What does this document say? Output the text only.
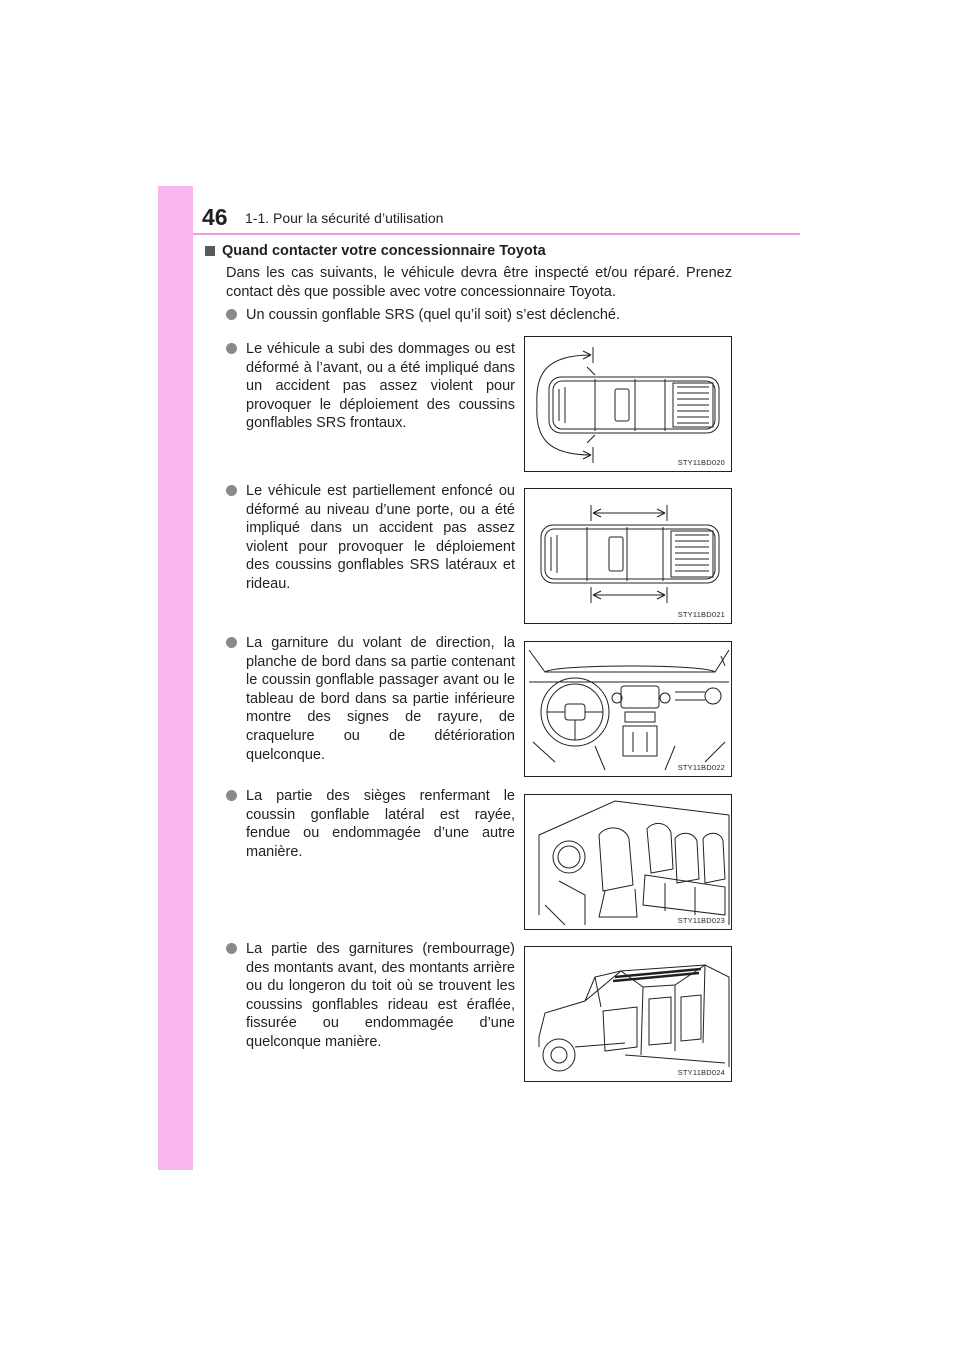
46 1-1. Pour la sécurité d’utilisation
Quand contacter votre concessionnaire Toyota
Dans les cas suivants, le véhicule devra être inspecté et/ou réparé. Prenez contact dès que possible avec votre concessionnaire Toyota.
Un coussin gonflable SRS (quel qu’il soit) s’est déclenché.
Le véhicule a subi des dommages ou est déformé à l’avant, ou a été impliqué dans un accident pas assez violent pour provoquer le déploiement des coussins gonflables SRS frontaux.
STY11BD020
Le véhicule est partiellement enfoncé ou déformé au niveau d’une porte, ou a été impliqué dans un accident pas assez violent pour provoquer le déploiement des coussins gonflables SRS latéraux et rideau.
STY11BD021
La garniture du volant de direction, la planche de bord dans sa partie contenant le coussin gonflable passager avant ou le tableau de bord dans sa partie inférieure montre des signes de rayure, de craquelure ou de détérioration quelconque.
STY11BD022
La partie des sièges renfermant le coussin gonflable latéral est rayée, fendue ou endommagée d’une autre manière.
STY11BD023
La partie des garnitures (rembourrage) des montants avant, des montants arrière ou du longeron du toit où se trouvent les coussins gonflables rideau est éraflée, fissurée ou endommagée d’une quelconque manière.
STY11BD024
